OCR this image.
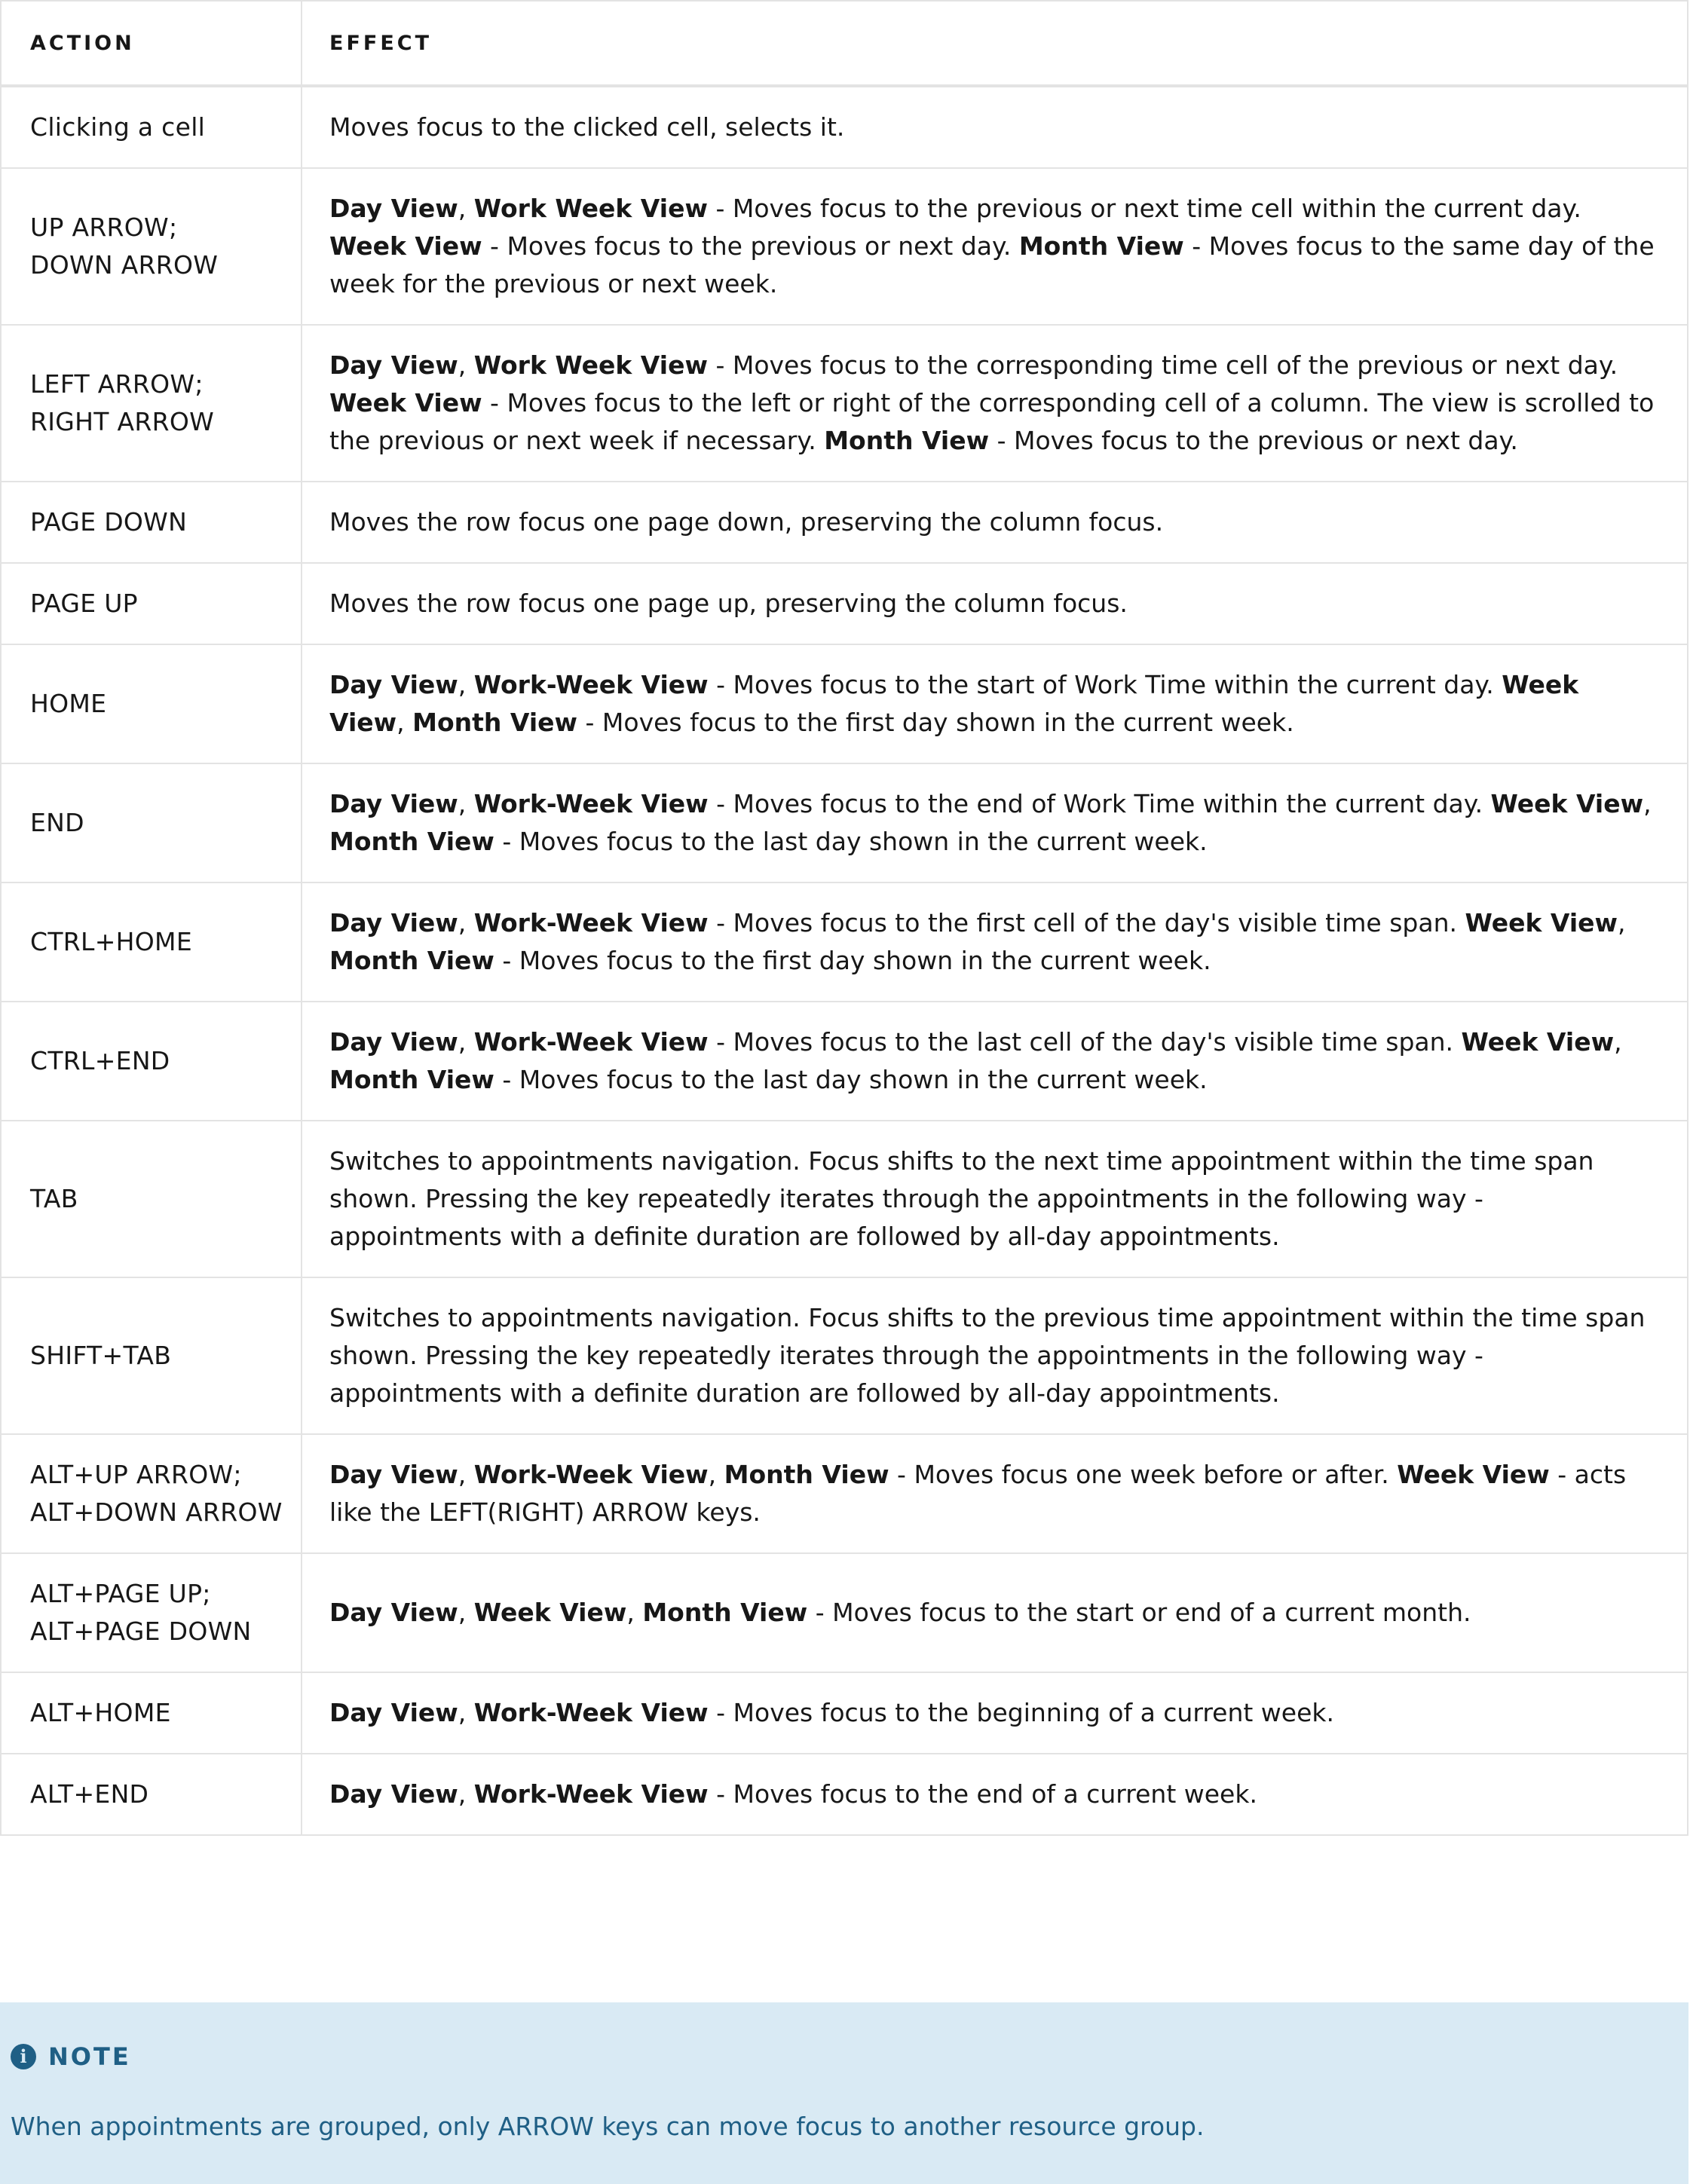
ACTION	EFFECT

Clicking a cell	Moves focus to the clicked cell, selects it.

UP ARROW;
DOWN ARROW	Day View, Work Week View - Moves focus to the previous or next time cell within the current day. Week View - Moves focus to the previous or next day. Month View - Moves focus to the same day of the week for the previous or next week.

LEFT ARROW;
RIGHT ARROW	Day View, Work Week View - Moves focus to the corresponding time cell of the previous or next day. Week View - Moves focus to the left or right of the corresponding cell of a column. The view is scrolled to the previous or next week if necessary. Month View - Moves focus to the previous or next day.

PAGE DOWN	Moves the row focus one page down, preserving the column focus.

PAGE UP	Moves the row focus one page up, preserving the column focus.

HOME	Day View, Work-Week View - Moves focus to the start of Work Time within the current day. Week View, Month View - Moves focus to the first day shown in the current week.

END	Day View, Work-Week View - Moves focus to the end of Work Time within the current day. Week View, Month View - Moves focus to the last day shown in the current week.

CTRL+HOME	Day View, Work-Week View - Moves focus to the first cell of the day's visible time span. Week View, Month View - Moves focus to the first day shown in the current week.

CTRL+END	Day View, Work-Week View - Moves focus to the last cell of the day's visible time span. Week View, Month View - Moves focus to the last day shown in the current week.

TAB	Switches to appointments navigation. Focus shifts to the next time appointment within the time span shown. Pressing the key repeatedly iterates through the appointments in the following way - appointments with a definite duration are followed by all-day appointments.

SHIFT+TAB	Switches to appointments navigation. Focus shifts to the previous time appointment within the time span shown. Pressing the key repeatedly iterates through the appointments in the following way - appointments with a definite duration are followed by all-day appointments.

ALT+UP ARROW;
ALT+DOWN ARROW	Day View, Work-Week View, Month View - Moves focus one week before or after. Week View - acts like the LEFT(RIGHT) ARROW keys.

ALT+PAGE UP;
ALT+PAGE DOWN	Day View, Week View, Month View - Moves focus to the start or end of a current month.

ALT+HOME	Day View, Work-Week View - Moves focus to the beginning of a current week.

ALT+END	Day View, Work-Week View - Moves focus to the end of a current week.
i NOTE
When appointments are grouped, only ARROW keys can move focus to another resource group.
